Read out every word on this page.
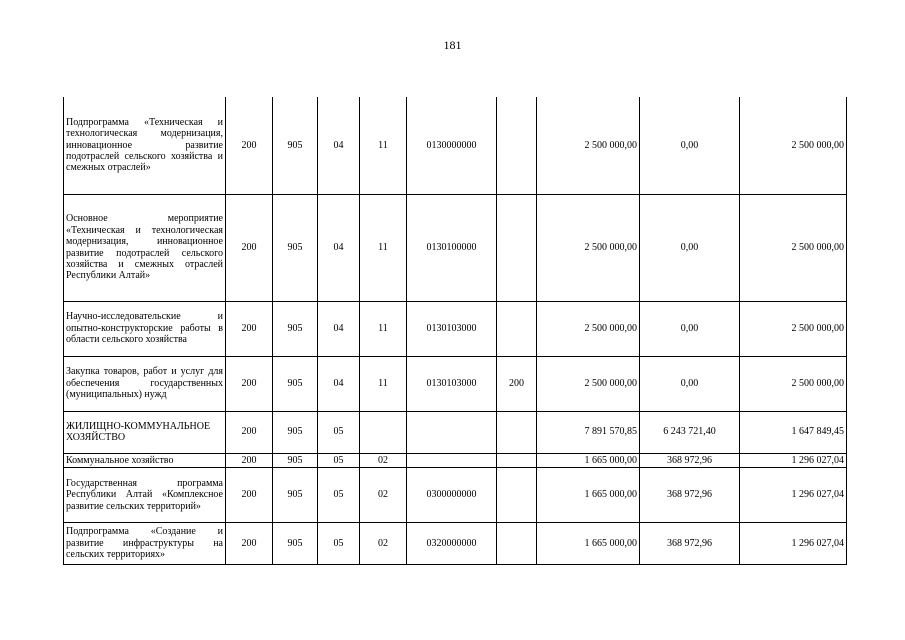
181
Подпрограмма «Техническая и технологическая модернизация, инновационное развитие подотраслей сельского хозяйства и смежных отраслей»	200	905	04	11	0130000000		2 500 000,00	0,00	2 500 000,00
Основное мероприятие «Техническая и технологическая модернизация, инновационное развитие подотраслей сельского хозяйства и смежных отраслей Республики Алтай»	200	905	04	11	0130100000		2 500 000,00	0,00	2 500 000,00
Научно-исследовательские и опытно-конструкторские работы в области сельского хозяйства	200	905	04	11	0130103000		2 500 000,00	0,00	2 500 000,00
Закупка товаров, работ и услуг для обеспечения государственных (муниципальных) нужд	200	905	04	11	0130103000	200	2 500 000,00	0,00	2 500 000,00
ЖИЛИЩНО-КОММУНАЛЬНОЕ ХОЗЯЙСТВО	200	905	05				7 891 570,85	6 243 721,40	1 647 849,45
Коммунальное хозяйство	200	905	05	02			1 665 000,00	368 972,96	1 296 027,04
Государственная программа Республики Алтай «Комплексное развитие сельских территорий»	200	905	05	02	0300000000		1 665 000,00	368 972,96	1 296 027,04
Подпрограмма «Создание и развитие инфраструктуры на сельских территориях»	200	905	05	02	0320000000		1 665 000,00	368 972,96	1 296 027,04
